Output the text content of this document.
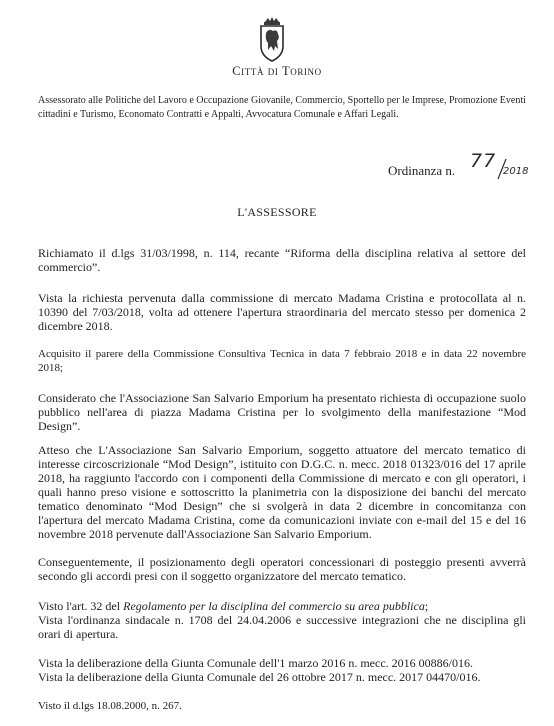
Città di Torino
Assessorato alle Politiche del Lavoro e Occupazione Giovanile, Commercio, Sportello per le Imprese, Promozione Eventi cittadini e Turismo, Economato Contratti e Appalti, Avvocatura Comunale e Affari Legali.
Ordinanza n. 77 2018
L'ASSESSORE
Richiamato il d.lgs 31/03/1998, n. 114, recante “Riforma della disciplina relativa al settore del commercio”.
Vista la richiesta pervenuta dalla commissione di mercato Madama Cristina e protocollata al n. 10390 del 7/03/2018, volta ad ottenere l'apertura straordinaria del mercato stesso per domenica 2 dicembre 2018.
Acquisito il parere della Commissione Consultiva Tecnica in data 7 febbraio 2018 e in data 22 novembre 2018;
Considerato che l'Associazione San Salvario Emporium ha presentato richiesta di occupazione suolo pubblico nell'area di piazza Madama Cristina per lo svolgimento della manifestazione “Mod Design”.
Atteso che L'Associazione San Salvario Emporium, soggetto attuatore del mercato tematico di interesse circoscrizionale “Mod Design”, istituito con D.G.C. n. mecc. 2018 01323/016 del 17 aprile 2018, ha raggiunto l'accordo con i componenti della Commissione di mercato e con gli operatori, i quali hanno preso visione e sottoscritto la planimetria con la disposizione dei banchi del mercato tematico denominato “Mod Design” che si svolgerà in data 2 dicembre in concomitanza con l'apertura del mercato Madama Cristina, come da comunicazioni inviate con e-mail del 15 e del 16 novembre 2018 pervenute dall'Associazione San Salvario Emporium.
Conseguentemente, il posizionamento degli operatori concessionari di posteggio presenti avverrà secondo gli accordi presi con il soggetto organizzatore del mercato tematico.
Visto l'art. 32 del Regolamento per la disciplina del commercio su area pubblica;
Vista l'ordinanza sindacale n. 1708 del 24.04.2006 e successive integrazioni che ne disciplina gli orari di apertura.
Vista la deliberazione della Giunta Comunale dell'1 marzo 2016 n. mecc. 2016 00886/016.
Vista la deliberazione della Giunta Comunale del 26 ottobre 2017 n. mecc. 2017 04470/016.
Visto il d.lgs 18.08.2000, n. 267.
